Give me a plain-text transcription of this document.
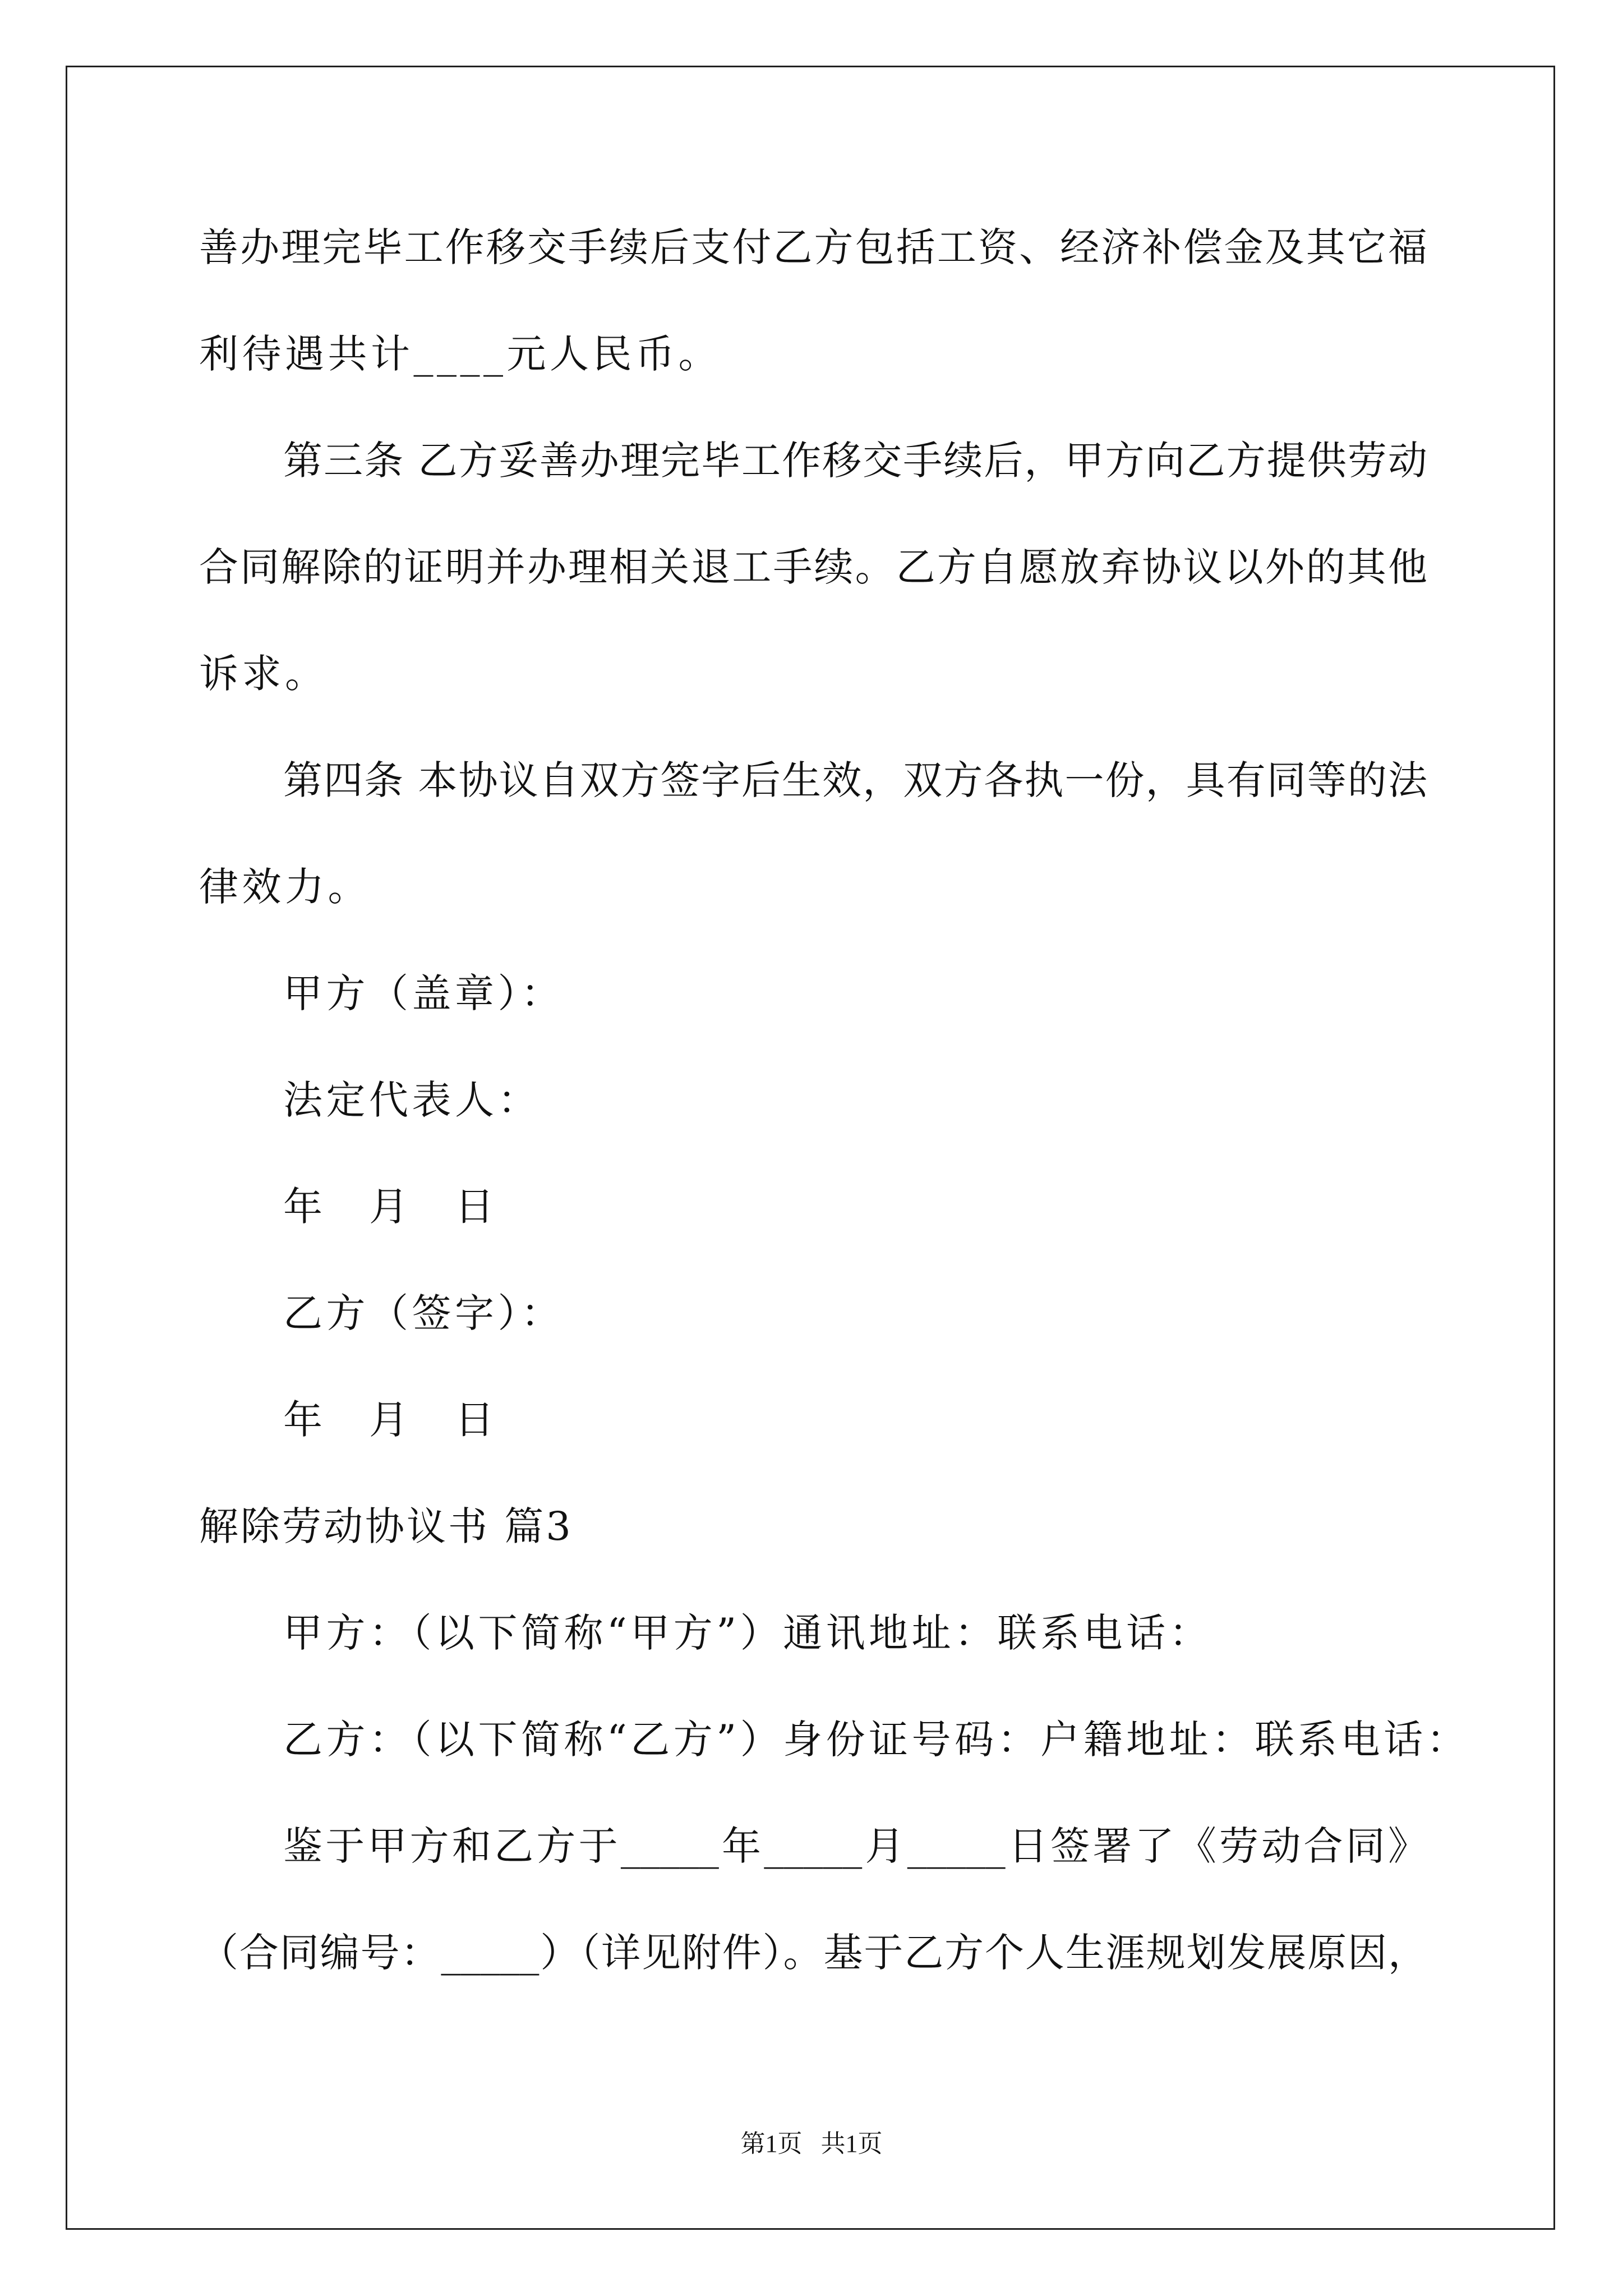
善办理完毕工作移交手续后支付乙方包括工资、经济补偿金及其它福
利待遇共计____元人民币。
第三条 乙方妥善办理完毕工作移交手续后，甲方向乙方提供劳动
合同解除的证明并办理相关退工手续。乙方自愿放弃协议以外的其他
诉求。
第四条 本协议自双方签字后生效，双方各执一份，具有同等的法
律效力。
甲方（盖章）：
法定代表人：
年　月　日
乙方（签字）：
年　月　日
解除劳动协议书 篇3
甲方：（以下简称“甲方”）通讯地址：联系电话：
乙方：（以下简称“乙方”）身份证号码：户籍地址：联系电话：
鉴于甲方和乙方于_____年_____月_____日签署了《劳动合同》
（合同编号：_____）（详见附件）。基于乙方个人生涯规划发展原因，
第1页   共1页
